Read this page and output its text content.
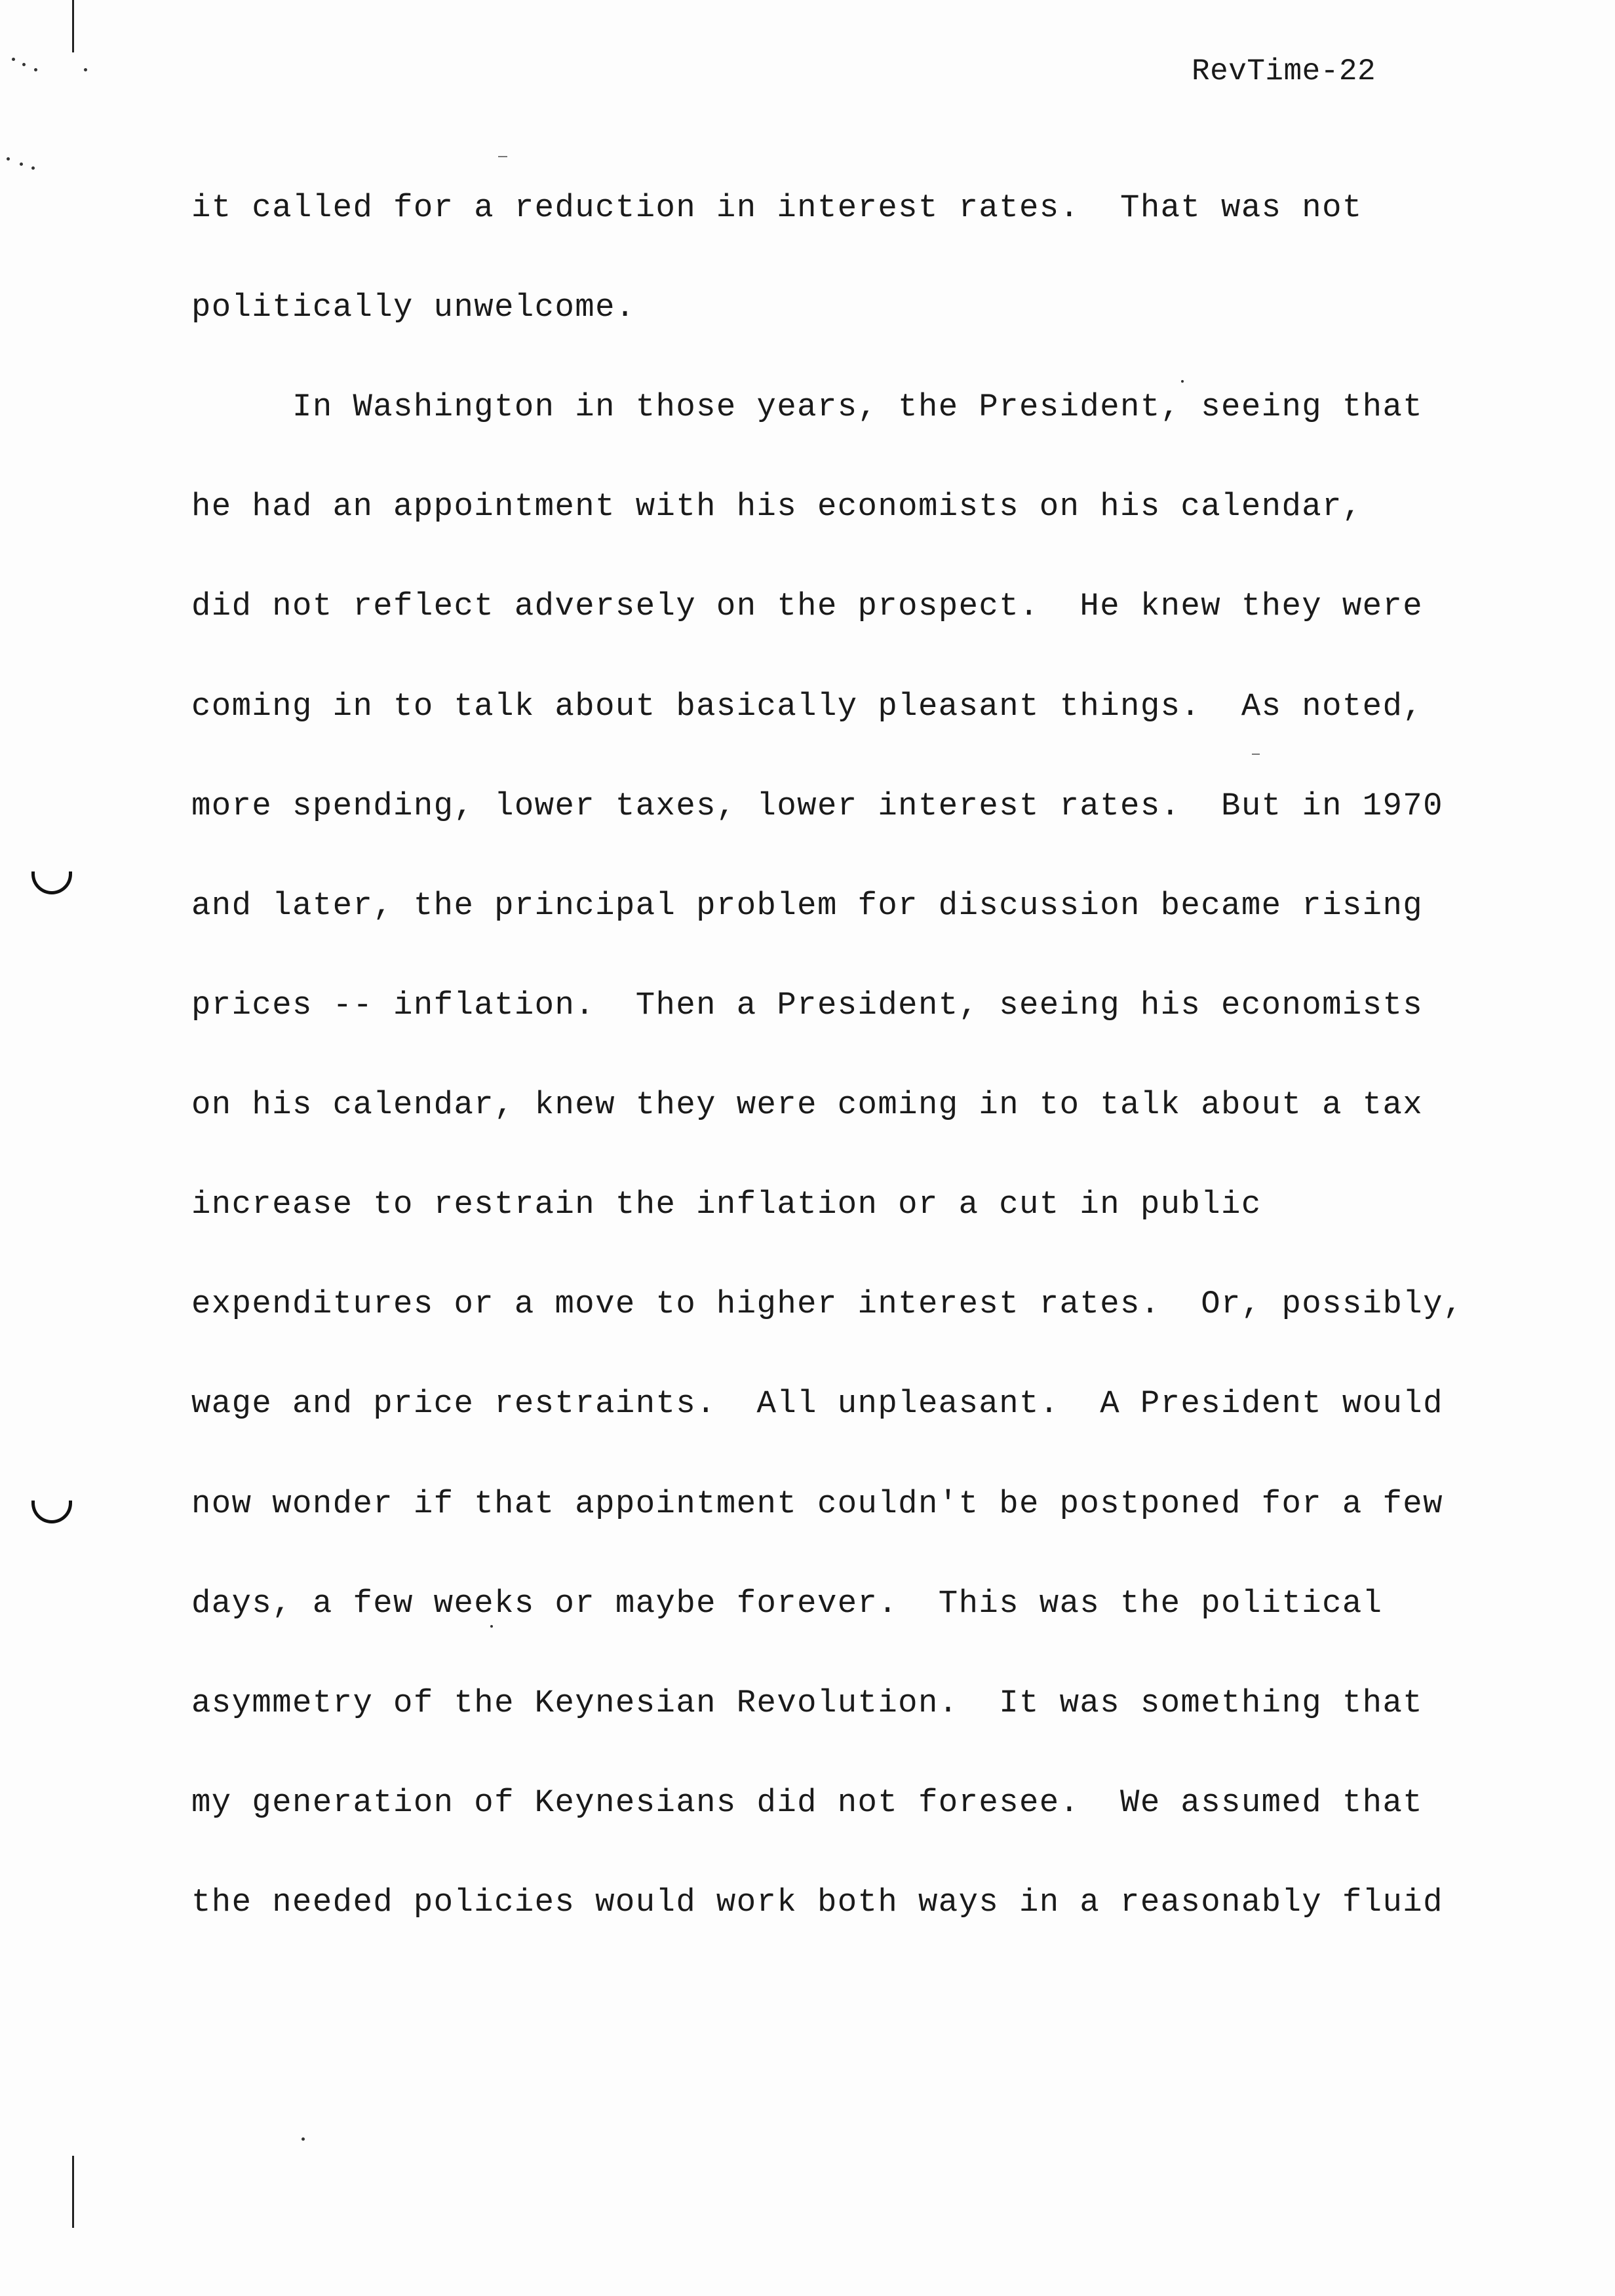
RevTime-22
it called for a reduction in interest rates.  That was not
politically unwelcome.
In Washington in those years, the President, seeing that
he had an appointment with his economists on his calendar,
did not reflect adversely on the prospect.  He knew they were
coming in to talk about basically pleasant things.  As noted,
more spending, lower taxes, lower interest rates.  But in 1970
and later, the principal problem for discussion became rising
prices -- inflation.  Then a President, seeing his economists
on his calendar, knew they were coming in to talk about a tax
increase to restrain the inflation or a cut in public
expenditures or a move to higher interest rates.  Or, possibly,
wage and price restraints.  All unpleasant.  A President would
now wonder if that appointment couldn't be postponed for a few
days, a few weeks or maybe forever.  This was the political
asymmetry of the Keynesian Revolution.  It was something that
my generation of Keynesians did not foresee.  We assumed that
the needed policies would work both ways in a reasonably fluid
